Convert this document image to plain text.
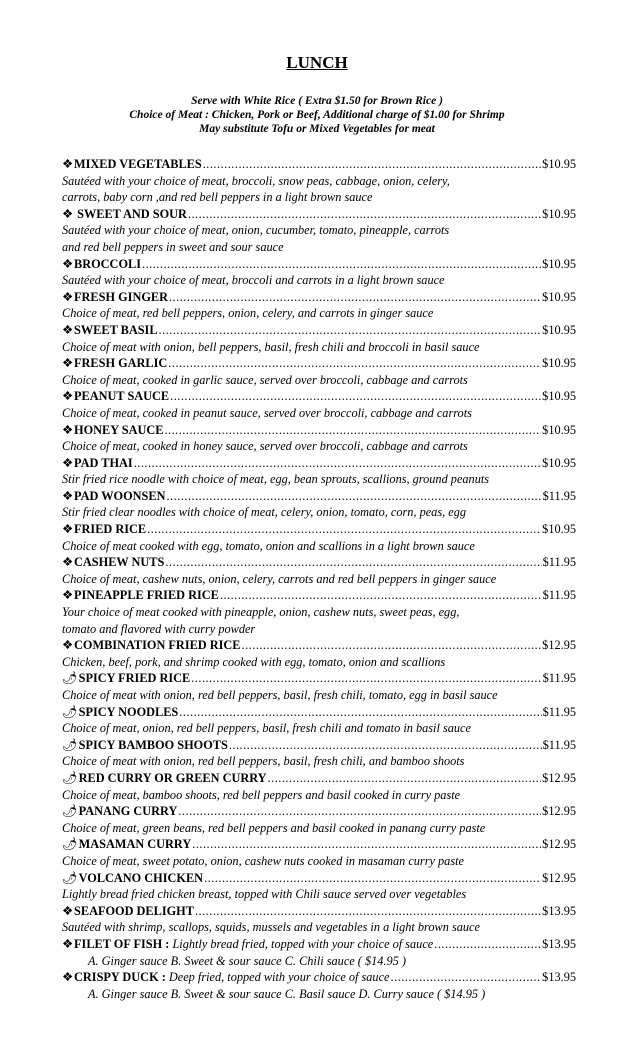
LUNCH
Serve with White Rice ( Extra $1.50 for Brown Rice )
Choice of Meat : Chicken, Pork or Beef, Additional charge of $1.00 for Shrimp
May substitute Tofu or Mixed Vegetables for meat
❖MIXED VEGETABLES .....	$10.95
Sautéed with your choice of meat, broccoli, snow peas, cabbage, onion, celery,
carrots, baby corn ,and red bell peppers in a light brown sauce
❖ SWEET AND SOUR .....	$10.95
Sautéed with your choice of meat, onion, cucumber, tomato, pineapple, carrots
and red bell peppers in sweet and sour sauce
❖BROCCOLI .....	$10.95
Sautéed with your choice of meat, broccoli and carrots in a light brown sauce
❖FRESH GINGER .....	$10.95
Choice of meat, red bell peppers, onion, celery, and carrots in ginger sauce
❖SWEET BASIL .....	$10.95
Choice of meat with onion, bell peppers, basil, fresh chili and broccoli in basil sauce
❖FRESH GARLIC .....	$10.95
Choice of meat, cooked in garlic sauce, served over broccoli, cabbage and carrots
❖PEANUT SAUCE .....	$10.95
Choice of meat, cooked in peanut sauce, served over broccoli, cabbage and carrots
❖HONEY SAUCE .....	$10.95
Choice of meat, cooked in honey sauce, served over broccoli, cabbage and carrots
❖PAD THAI .....	$10.95
Stir fried rice noodle with choice of meat, egg, bean sprouts, scallions, ground peanuts
❖PAD WOONSEN .....	$11.95
Stir fried clear noodles with choice of meat, celery, onion, tomato, corn, peas, egg
❖FRIED RICE .....	$10.95
Choice of meat cooked with egg, tomato, onion and scallions in a light brown sauce
❖CASHEW NUTS .....	$11.95
Choice of meat, cashew nuts, onion, celery, carrots and red bell peppers in ginger sauce
❖PINEAPPLE FRIED RICE .....	$11.95
Your choice of meat cooked with pineapple, onion, cashew nuts, sweet peas, egg,
tomato and flavored with curry powder
❖COMBINATION FRIED RICE .....	$12.95
Chicken, beef, pork, and shrimp cooked with egg, tomato, onion and scallions
🌶SPICY FRIED RICE .....	$11.95
Choice of meat with onion, red bell peppers, basil, fresh chili, tomato, egg in basil sauce
🌶SPICY NOODLES .....	$11.95
Choice of meat, onion, red bell peppers, basil, fresh chili and tomato in basil sauce
🌶SPICY BAMBOO SHOOTS .....	$11.95
Choice of meat with onion, red bell peppers, basil, fresh chili, and bamboo shoots
🌶RED CURRY OR GREEN CURRY .....	$12.95
Choice of meat, bamboo shoots, red bell peppers and basil cooked in curry paste
🌶PANANG CURRY .....	$12.95
Choice of meat, green beans, red bell peppers and basil cooked in panang curry paste
🌶MASAMAN CURRY .....	$12.95
Choice of meat, sweet potato, onion, cashew nuts cooked in masaman curry paste
🌶VOLCANO CHICKEN .....	$12.95
Lightly bread fried chicken breast, topped with Chili sauce served over vegetables
❖SEAFOOD DELIGHT .....	$13.95
Sautéed with shrimp, scallops, squids, mussels and vegetables in a light brown sauce
❖FILET OF FISH : Lightly bread fried, topped with your choice of sauce .....	$13.95
A. Ginger sauce B. Sweet & sour sauce C. Chili sauce ( $14.95 )
❖CRISPY DUCK : Deep fried, topped with your choice of sauce .....	$13.95
A. Ginger sauce B. Sweet & sour sauce C. Basil sauce D. Curry sauce ( $14.95 )
